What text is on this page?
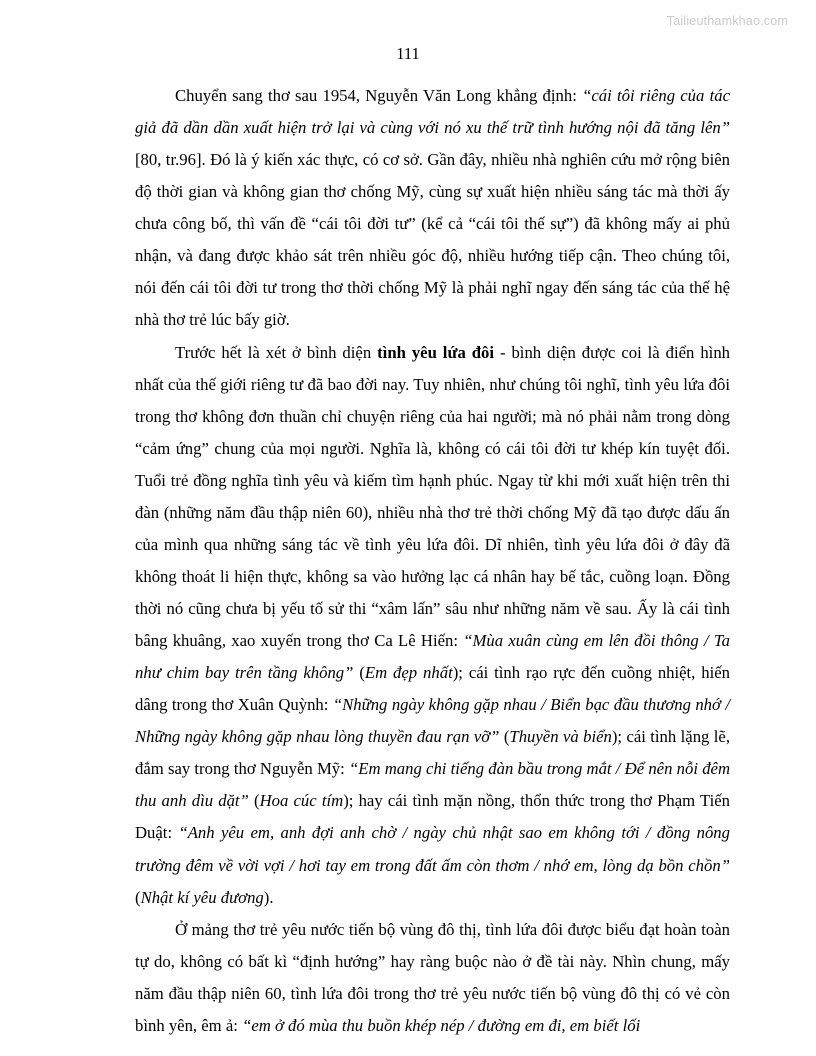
Tailieuthamkhao.com
111

Chuyển sang thơ sau 1954, Nguyễn Văn Long khẳng định: “cái tôi riêng của tác giả đã dần dần xuất hiện trở lại và cùng với nó xu thế trữ tình hướng nội đã tăng lên” [80, tr.96]. Đó là ý kiến xác thực, có cơ sở. Gần đây, nhiều nhà nghiên cứu mở rộng biên độ thời gian và không gian thơ chống Mỹ, cùng sự xuất hiện nhiều sáng tác mà thời ấy chưa công bố, thì vấn đề “cái tôi đời tư” (kể cả “cái tôi thế sự”) đã không mấy ai phủ nhận, và đang được khảo sát trên nhiều góc độ, nhiều hướng tiếp cận. Theo chúng tôi, nói đến cái tôi đời tư trong thơ thời chống Mỹ là phải nghĩ ngay đến sáng tác của thế hệ nhà thơ trẻ lúc bấy giờ.

Trước hết là xét ở bình diện tình yêu lứa đôi - bình diện được coi là điển hình nhất của thế giới riêng tư đã bao đời nay. Tuy nhiên, như chúng tôi nghĩ, tình yêu lứa đôi trong thơ không đơn thuần chỉ chuyện riêng của hai người; mà nó phải nằm trong dòng “cảm ứng” chung của mọi người. Nghĩa là, không có cái tôi đời tư khép kín tuyệt đối. Tuổi trẻ đồng nghĩa tình yêu và kiếm tìm hạnh phúc. Ngay từ khi mới xuất hiện trên thi đàn (những năm đầu thập niên 60), nhiều nhà thơ trẻ thời chống Mỹ đã tạo được dấu ấn của mình qua những sáng tác về tình yêu lứa đôi. Dĩ nhiên, tình yêu lứa đôi ở đây đã không thoát li hiện thực, không sa vào hưởng lạc cá nhân hay bế tắc, cuồng loạn. Đồng thời nó cũng chưa bị yếu tố sử thi “xâm lấn” sâu như những năm về sau. Ấy là cái tình bâng khuâng, xao xuyến trong thơ Ca Lê Hiến: “Mùa xuân cùng em lên đồi thông / Ta như chim bay trên tầng không” (Em đẹp nhất); cái tình rạo rực đến cuồng nhiệt, hiến dâng trong thơ Xuân Quỳnh: “Những ngày không gặp nhau / Biển bạc đầu thương nhớ / Những ngày không gặp nhau lòng thuyền đau rạn vỡ” (Thuyền và biển); cái tình lặng lẽ, đắm say trong thơ Nguyễn Mỹ: “Em mang chi tiếng đàn bầu trong mắt / Để nên nỗi đêm thu anh dìu dặt” (Hoa cúc tím); hay cái tình mặn nồng, thổn thức trong thơ Phạm Tiến Duật: “Anh yêu em, anh đợi anh chờ / ngày chủ nhật sao em không tới / đồng nông trường đêm về vời vợi / hơi tay em trong đất ấm còn thơm / nhớ em, lòng dạ bồn chồn” (Nhật kí yêu đương).

Ở mảng thơ trẻ yêu nước tiến bộ vùng đô thị, tình lứa đôi được biểu đạt hoàn toàn tự do, không có bất kì “định hướng” hay ràng buộc nào ở đề tài này. Nhìn chung, mấy năm đầu thập niên 60, tình lứa đôi trong thơ trẻ yêu nước tiến bộ vùng đô thị có vẻ còn bình yên, êm ả: “em ở đó mùa thu buồn khép nép / đường em đi, em biết lối
